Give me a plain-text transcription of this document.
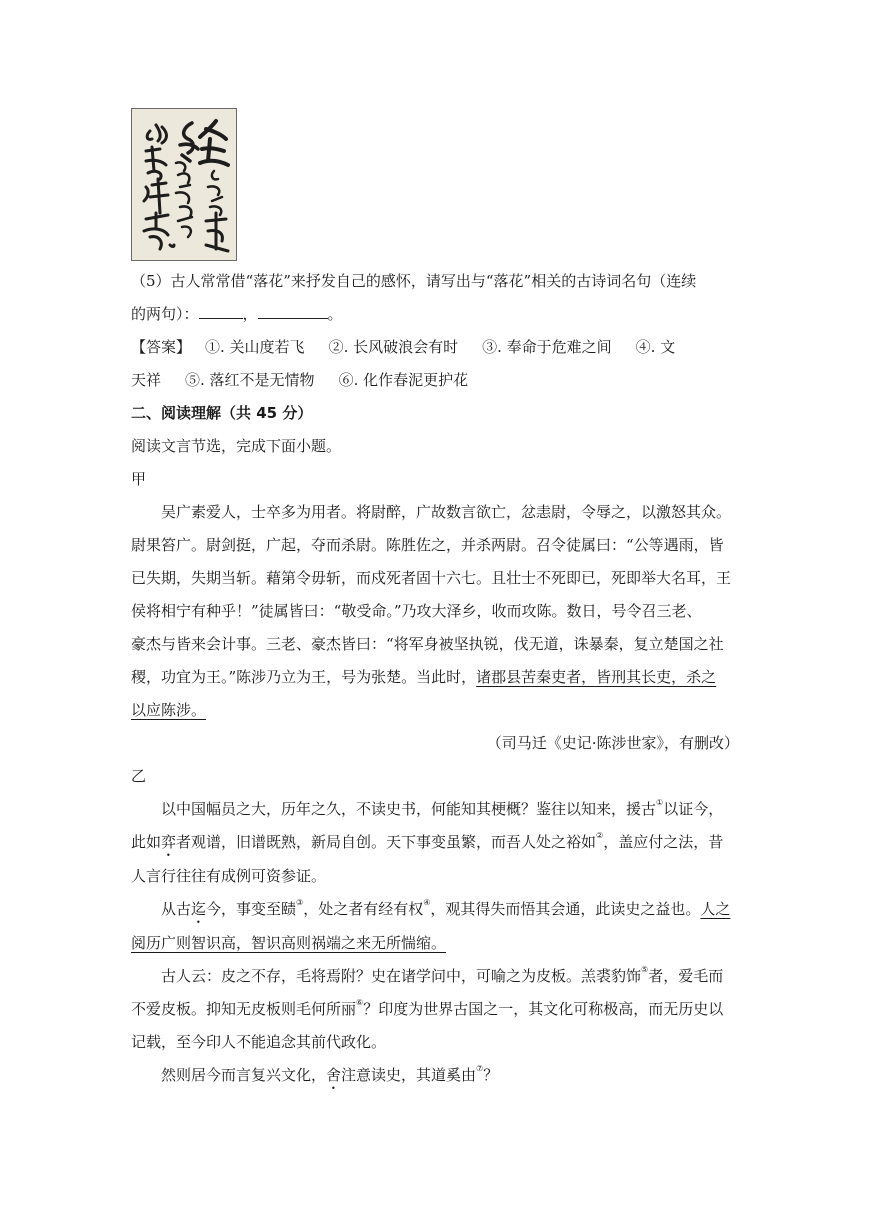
（5）古人常常借“落花”来抒发自己的感怀，请写出与“落花”相关的古诗词名句（连续

的两句）：	，	。

【答案】 ①. 关山度若飞 ②. 长风破浪会有时 ③. 奉命于危难之间 ④. 文

天祥 ⑤. 落红不是无情物 ⑥. 化作春泥更护花

二、阅读理解（共 45 分）

阅读文言节选，完成下面小题。

甲

吴广素爱人，士卒多为用者。将尉醉，广故数言欲亡，忿恚尉，令辱之，以激怒其众。

尉果笞广。尉剑挺，广起，夺而杀尉。陈胜佐之，并杀两尉。召令徒属曰：“公等遇雨，皆

已失期，失期当斩。藉第令毋斩，而戍死者固十六七。且壮士不死即已，死即举大名耳，王

侯将相宁有种乎！”徒属皆曰：“敬受命。”乃攻大泽乡，收而攻陈。数日，号令召三老、

豪杰与皆来会计事。三老、豪杰皆曰：“将军身被坚执锐，伐无道，诛暴秦，复立楚国之社

稷，功宜为王。”陈涉乃立为王，号为张楚。当此时，诸郡县苦秦吏者，皆刑其长吏，杀之

以应陈涉。

（司马迁《史记·陈涉世家》，有删改）

乙

以中国幅员之大，历年之久，不读史书，何能知其梗概？鉴往以知来，援古①以证今，

此如弈者观谱，旧谱既熟，新局自创。天下事变虽繁，而吾人处之裕如②，盖应付之法，昔

人言行往往有成例可资参证。

从古迄今，事变至赜③，处之者有经有权④，观其得失而悟其会通，此读史之益也。人之

阅历广则智识高，智识高则祸端之来无所惴缩。

古人云：皮之不存，毛将焉附？史在诸学问中，可喻之为皮板。羔裘豹饰⑤者，爱毛而

不爱皮板。抑知无皮板则毛何所丽⑥？印度为世界古国之一，其文化可称极高，而无历史以

记载，至今印人不能追念其前代政化。

然则居今而言复兴文化，舍注意读史，其道奚由⑦？
